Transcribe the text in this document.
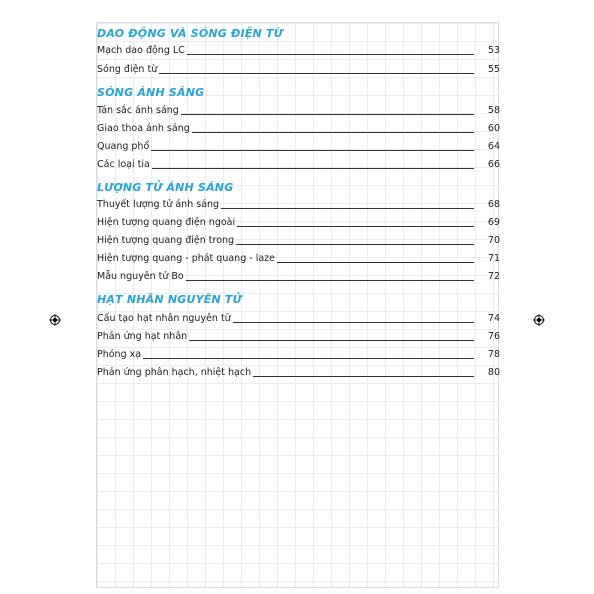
DAO ĐỘNG VÀ SÓNG ĐIỆN TỪ
Mạch dao động LC	53
Sóng điện từ	55
SÓNG ÁNH SÁNG
Tán sắc ánh sáng	58
Giao thoa ánh sáng	60
Quang phổ	64
Các loại tia	66
LƯỢNG TỬ ÁNH SÁNG
Thuyết lượng tử ánh sáng	68
Hiện tượng quang điện ngoài	69
Hiện tượng quang điện trong	70
Hiện tượng quang - phát quang - laze	71
Mẫu nguyên tử Bo	72
HẠT NHÂN NGUYÊN TỬ
Cấu tạo hạt nhân nguyên tử	74
Phản ứng hạt nhân	76
Phóng xạ	78
Phản ứng phân hạch, nhiệt hạch	80
